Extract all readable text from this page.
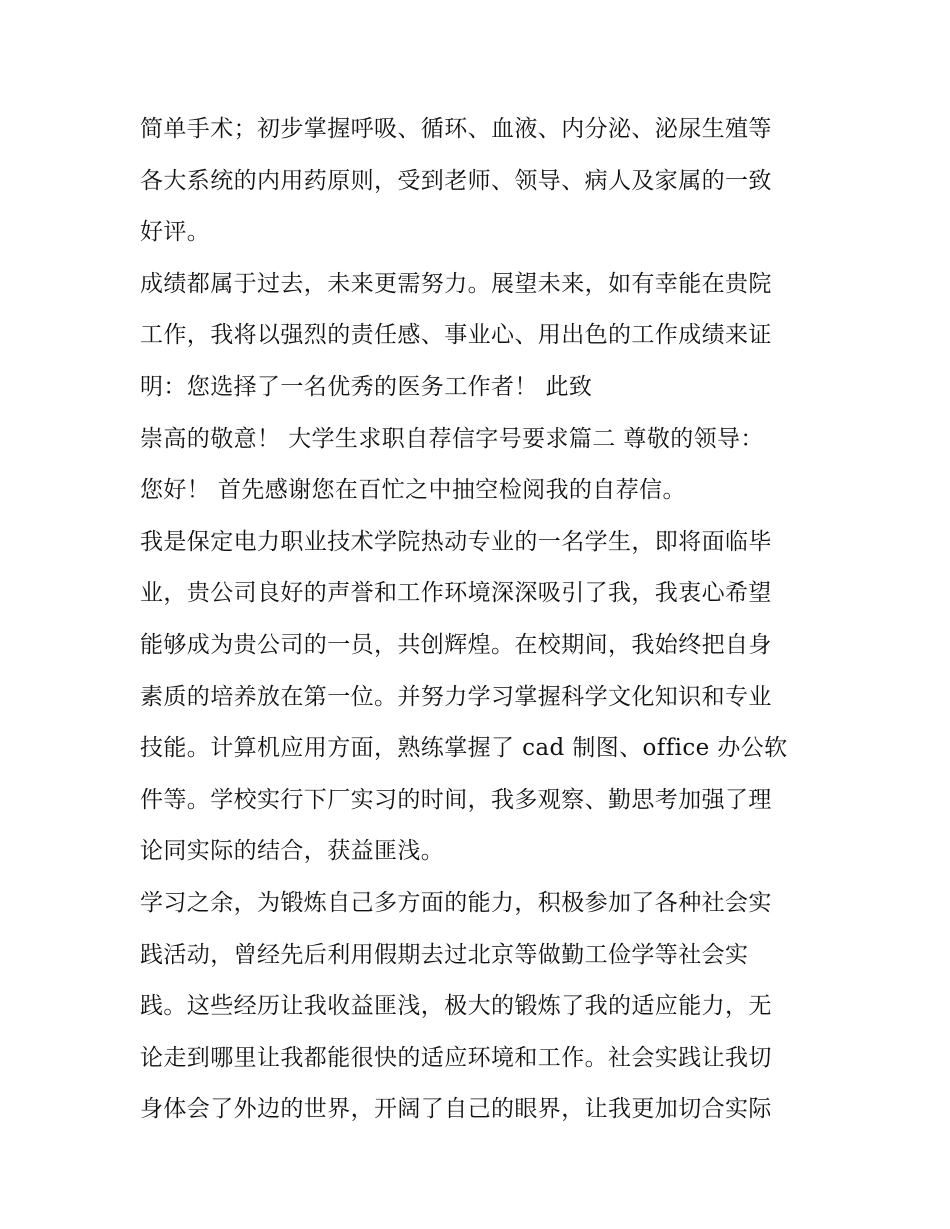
简单手术；初步掌握呼吸、循环、血液、内分泌、泌尿生殖等
各大系统的内用药原则，受到老师、领导、病人及家属的一致
好评。
成绩都属于过去，未来更需努力。展望未来，如有幸能在贵院
工作，我将以强烈的责任感、事业心、用出色的工作成绩来证
明：您选择了一名优秀的医务工作者！ 此致
崇高的敬意！ 大学生求职自荐信字号要求篇二 尊敬的领导：
您好！ 首先感谢您在百忙之中抽空检阅我的自荐信。
我是保定电力职业技术学院热动专业的一名学生，即将面临毕
业，贵公司良好的声誉和工作环境深深吸引了我，我衷心希望
能够成为贵公司的一员，共创辉煌。在校期间，我始终把自身
素质的培养放在第一位。并努力学习掌握科学文化知识和专业
技能。计算机应用方面，熟练掌握了 cad 制图、office 办公软
件等。学校实行下厂实习的时间，我多观察、勤思考加强了理
论同实际的结合，获益匪浅。
学习之余，为锻炼自己多方面的能力，积极参加了各种社会实
践活动，曾经先后利用假期去过北京等做勤工俭学等社会实
践。这些经历让我收益匪浅，极大的锻炼了我的适应能力，无
论走到哪里让我都能很快的适应环境和工作。社会实践让我切
身体会了外边的世界，开阔了自己的眼界，让我更加切合实际
